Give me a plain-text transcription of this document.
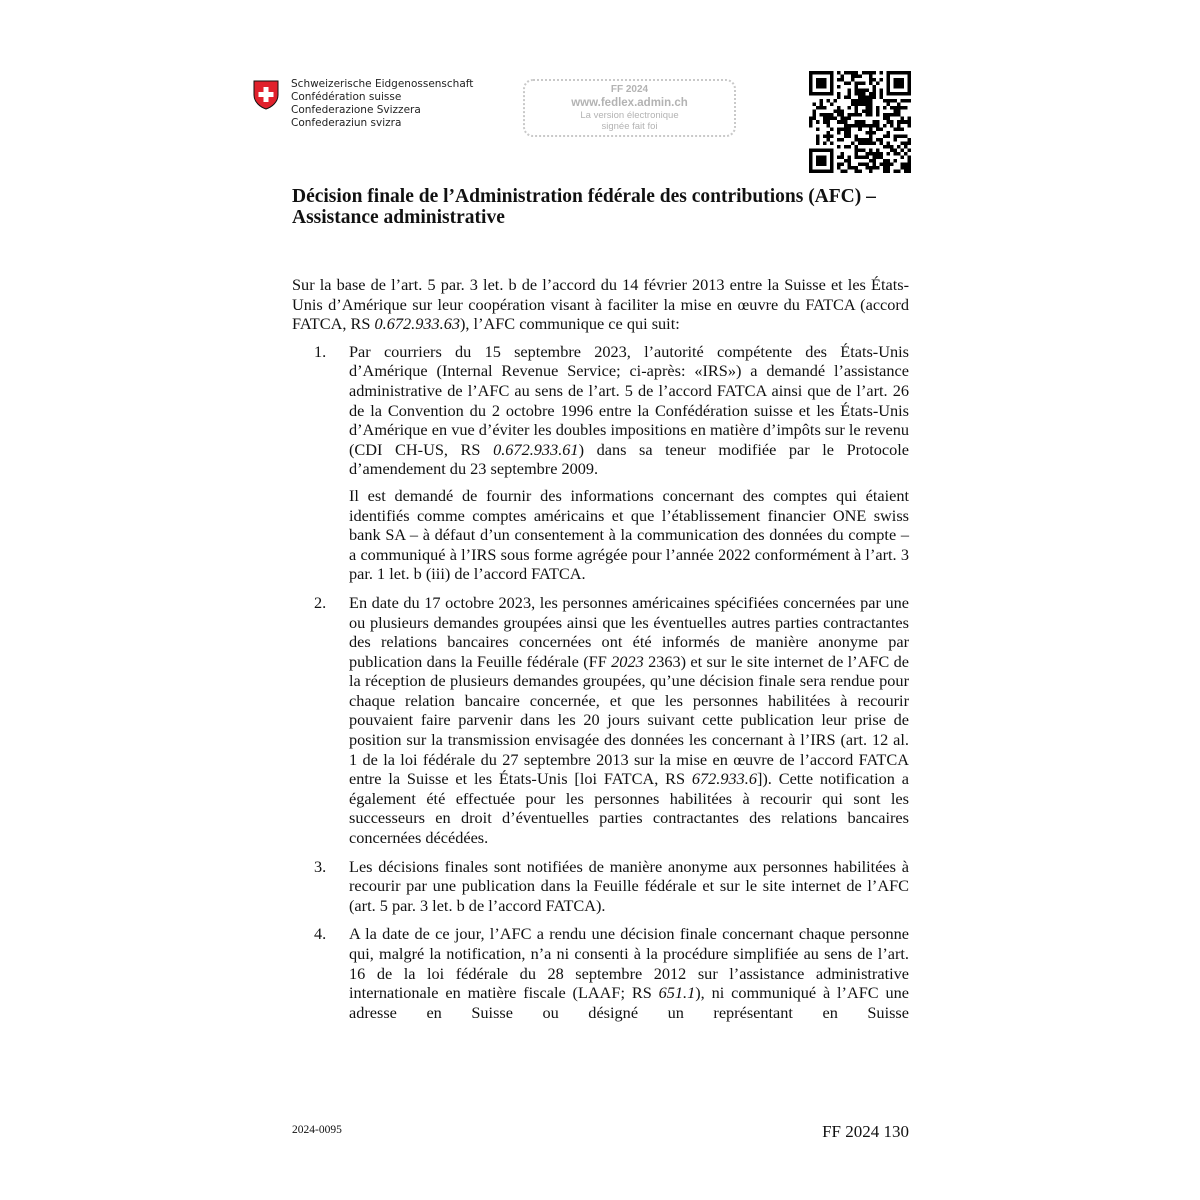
Schweizerische Eidgenossenschaft
Confédération suisse
Confederazione Svizzera
Confederaziun svizra
FF 2024
www.fedlex.admin.ch
La version électronique
signée fait foi
Décision finale de l’Administration fédérale des contributions (AFC) –
Assistance administrative

Sur la base de l’art. 5 par. 3 let. b de l’accord du 14 février 2013 entre la Suisse et les États-Unis d’Amérique sur leur coopération visant à faciliter la mise en œuvre du FATCA (accord FATCA, RS 0.672.933.63), l’AFC communique ce qui suit:

1. Par courriers du 15 septembre 2023, l’autorité compétente des États-Unis d’Amérique (Internal Revenue Service; ci-après: «IRS») a demandé l’assistance administrative de l’AFC au sens de l’art. 5 de l’accord FATCA ainsi que de l’art. 26 de la Convention du 2 octobre 1996 entre la Confédération suisse et les États-Unis d’Amérique en vue d’éviter les doubles impositions en matière d’impôts sur le revenu (CDI CH-US, RS 0.672.933.61) dans sa teneur modifiée par le Protocole d’amendement du 23 septembre 2009.

Il est demandé de fournir des informations concernant des comptes qui étaient identifiés comme comptes américains et que l’établissement financier ONE swiss bank SA – à défaut d’un consentement à la communication des données du compte – a communiqué à l’IRS sous forme agrégée pour l’année 2022 conformément à l’art. 3 par. 1 let. b (iii) de l’accord FATCA.

2. En date du 17 octobre 2023, les personnes américaines spécifiées concernées par une ou plusieurs demandes groupées ainsi que les éventuelles autres parties contractantes des relations bancaires concernées ont été informés de manière anonyme par publication dans la Feuille fédérale (FF 2023 2363) et sur le site internet de l’AFC de la réception de plusieurs demandes groupées, qu’une décision finale sera rendue pour chaque relation bancaire concernée, et que les personnes habilitées à recourir pouvaient faire parvenir dans les 20 jours suivant cette publication leur prise de position sur la transmission envisagée des données les concernant à l’IRS (art. 12 al. 1 de la loi fédérale du 27 septembre 2013 sur la mise en œuvre de l’accord FATCA entre la Suisse et les États-Unis [loi FATCA, RS 672.933.6]). Cette notification a également été effectuée pour les personnes habilitées à recourir qui sont les successeurs en droit d’éventuelles parties contractantes des relations bancaires concernées décédées.

3. Les décisions finales sont notifiées de manière anonyme aux personnes habilitées à recourir par une publication dans la Feuille fédérale et sur le site internet de l’AFC (art. 5 par. 3 let. b de l’accord FATCA).

4. A la date de ce jour, l’AFC a rendu une décision finale concernant chaque personne qui, malgré la notification, n’a ni consenti à la procédure simplifiée au sens de l’art. 16 de la loi fédérale du 28 septembre 2012 sur l’assistance administrative internationale en matière fiscale (LAAF; RS 651.1), ni communiqué à l’AFC une adresse en Suisse ou désigné un représentant en Suisse

2024-0095	FF 2024 130
